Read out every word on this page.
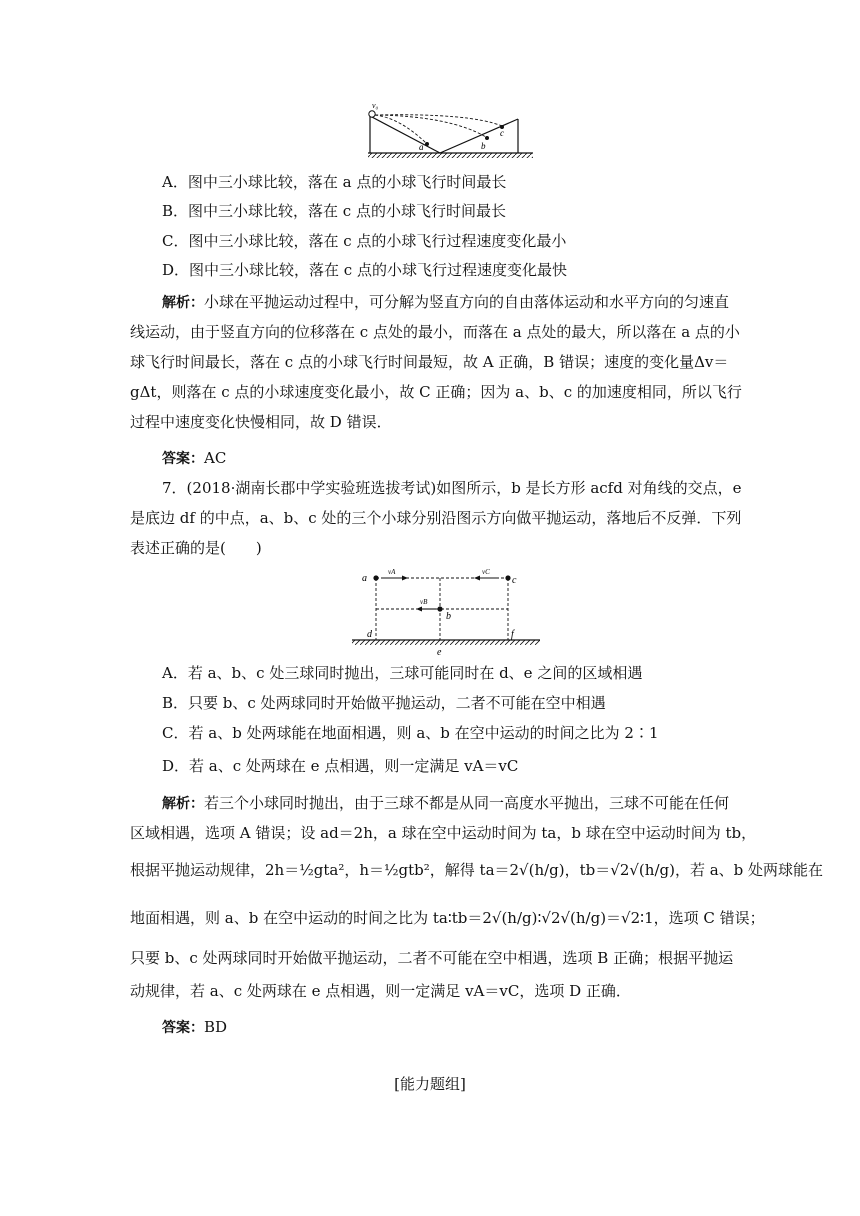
v₀
a	b
c
A．图中三小球比较，落在 a 点的小球飞行时间最长
B．图中三小球比较，落在 c 点的小球飞行时间最长
C．图中三小球比较，落在 c 点的小球飞行过程速度变化最小
D．图中三小球比较，落在 c 点的小球飞行过程速度变化最快
解析：小球在平抛运动过程中，可分解为竖直方向的自由落体运动和水平方向的匀速直
线运动，由于竖直方向的位移落在 c 点处的最小，而落在 a 点处的最大，所以落在 a 点的小
球飞行时间最长，落在 c 点的小球飞行时间最短，故 A 正确，B 错误；速度的变化量Δv＝
gΔt，则落在 c 点的小球速度变化最小，故 C 正确；因为 a、b、c 的加速度相同，所以飞行
过程中速度变化快慢相同，故 D 错误．
答案：AC
7．(2018·湖南长郡中学实验班选拔考试)如图所示，b 是长方形 acfd 对角线的交点，e
是底边 df 的中点，a、b、c 处的三个小球分别沿图示方向做平抛运动，落地后不反弹．下列
表述正确的是(　　)
a
vA	vC
c
vB
b
d
e
f
A．若 a、b、c 处三球同时抛出，三球可能同时在 d、e 之间的区域相遇
B．只要 b、c 处两球同时开始做平抛运动，二者不可能在空中相遇
C．若 a、b 处两球能在地面相遇，则 a、b 在空中运动的时间之比为 2∶1
D．若 a、c 处两球在 e 点相遇，则一定满足 vA＝vC
解析：若三个小球同时抛出，由于三球不都是从同一高度水平抛出，三球不可能在任何
区域相遇，选项 A 错误；设 ad＝2h，a 球在空中运动时间为 ta，b 球在空中运动时间为 tb，
根据平抛运动规律，2h＝½gta²，h＝½gtb²，解得 ta＝2√(h/g)，tb＝√2√(h/g)，若 a、b 处两球能在
地面相遇，则 a、b 在空中运动的时间之比为 ta∶tb＝2√(h/g)∶√2√(h/g)＝√2∶1，选项 C 错误；
只要 b、c 处两球同时开始做平抛运动，二者不可能在空中相遇，选项 B 正确；根据平抛运
动规律，若 a、c 处两球在 e 点相遇，则一定满足 vA＝vC，选项 D 正确．
答案：BD
[能力题组]
